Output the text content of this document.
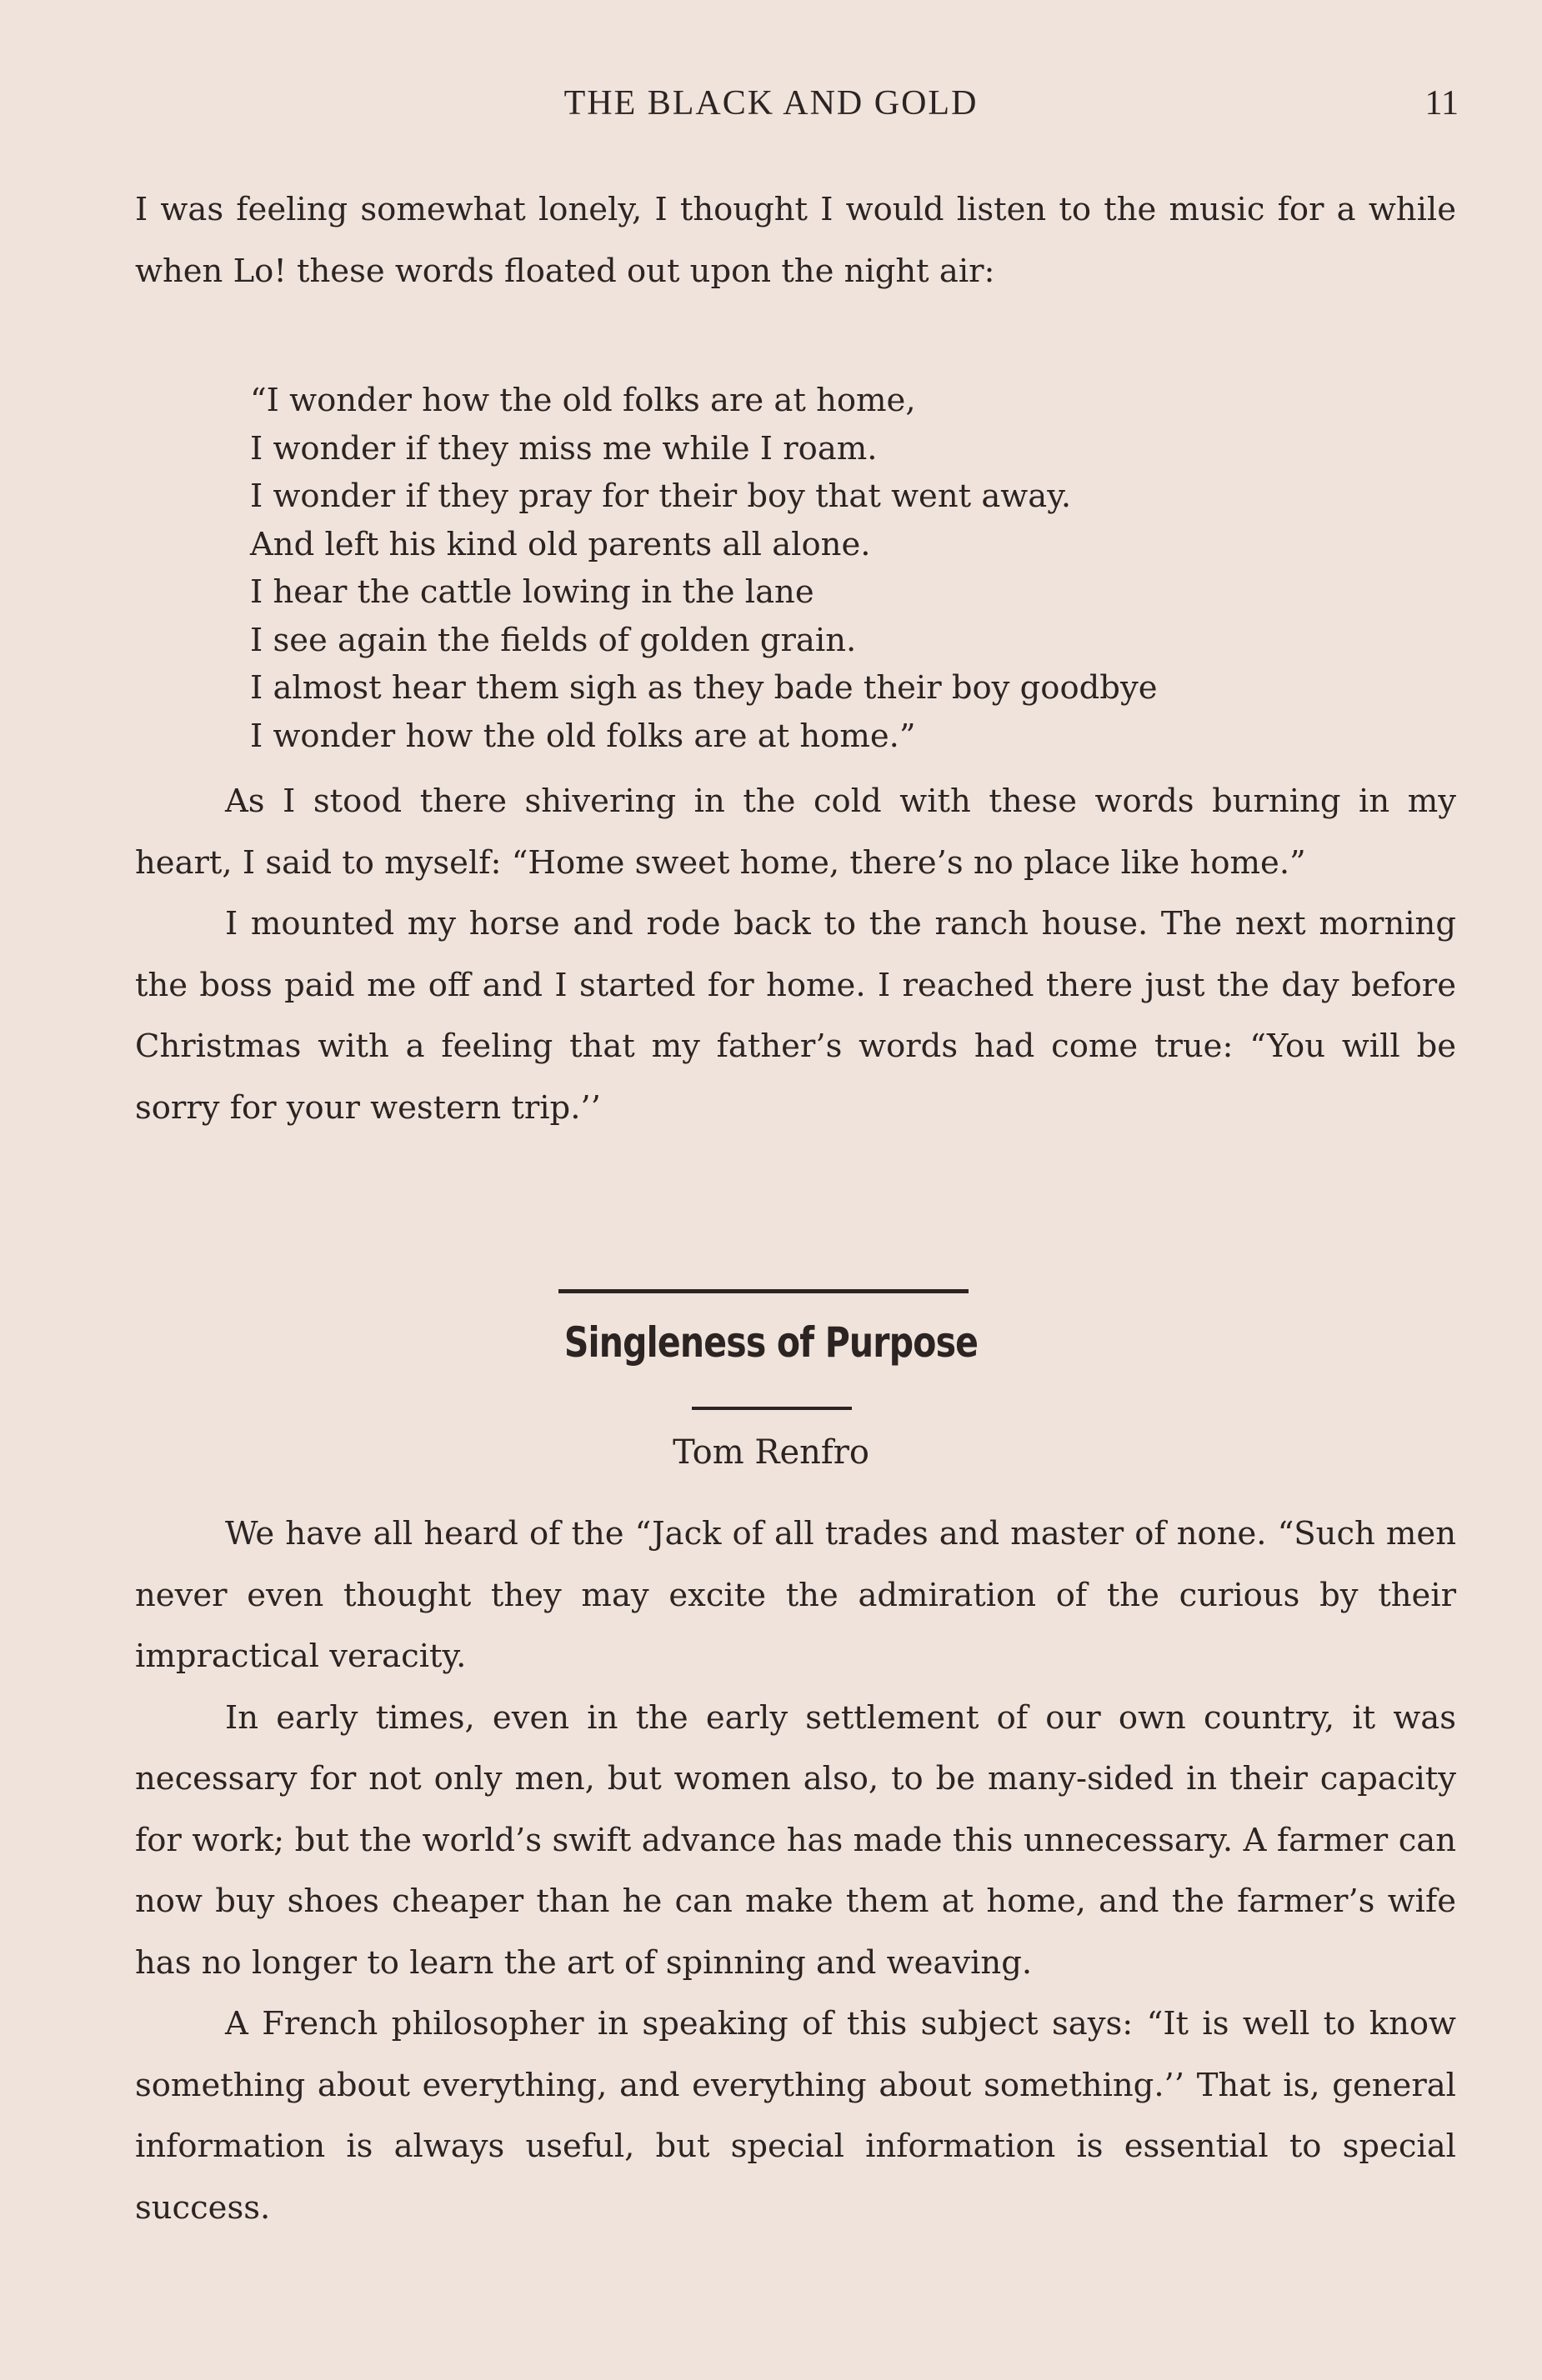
THE BLACK AND GOLD	11

I was feeling somewhat lonely, I thought I would listen to the music for a while when Lo! these words floated out upon the night air:

“I wonder how the old folks are at home,
I wonder if they miss me while I roam.
I wonder if they pray for their boy that went away.
And left his kind old parents all alone.
I hear the cattle lowing in the lane
I see again the fields of golden grain.
I almost hear them sigh as they bade their boy goodbye
I wonder how the old folks are at home.”

As I stood there shivering in the cold with these words burning in my heart, I said to myself: “Home sweet home, there’s no place like home.”

I mounted my horse and rode back to the ranch house. The next morning the boss paid me off and I started for home. I reached there just the day before Christmas with a feeling that my father’s words had come true: “You will be sorry for your western trip.’’

Singleness of Purpose
Tom Renfro

We have all heard of the “Jack of all trades and master of none. “Such men never even thought they may excite the admiration of the curious by their impractical veracity.

In early times, even in the early settlement of our own country, it was necessary for not only men, but women also, to be many-sided in their capacity for work; but the world’s swift advance has made this unnecessary. A farmer can now buy shoes cheaper than he can make them at home, and the farmer’s wife has no longer to learn the art of spinning and weaving.

A French philosopher in speaking of this subject says: “It is well to know something about everything, and everything about something.’’ That is, general information is always useful, but special information is essential to special success.
